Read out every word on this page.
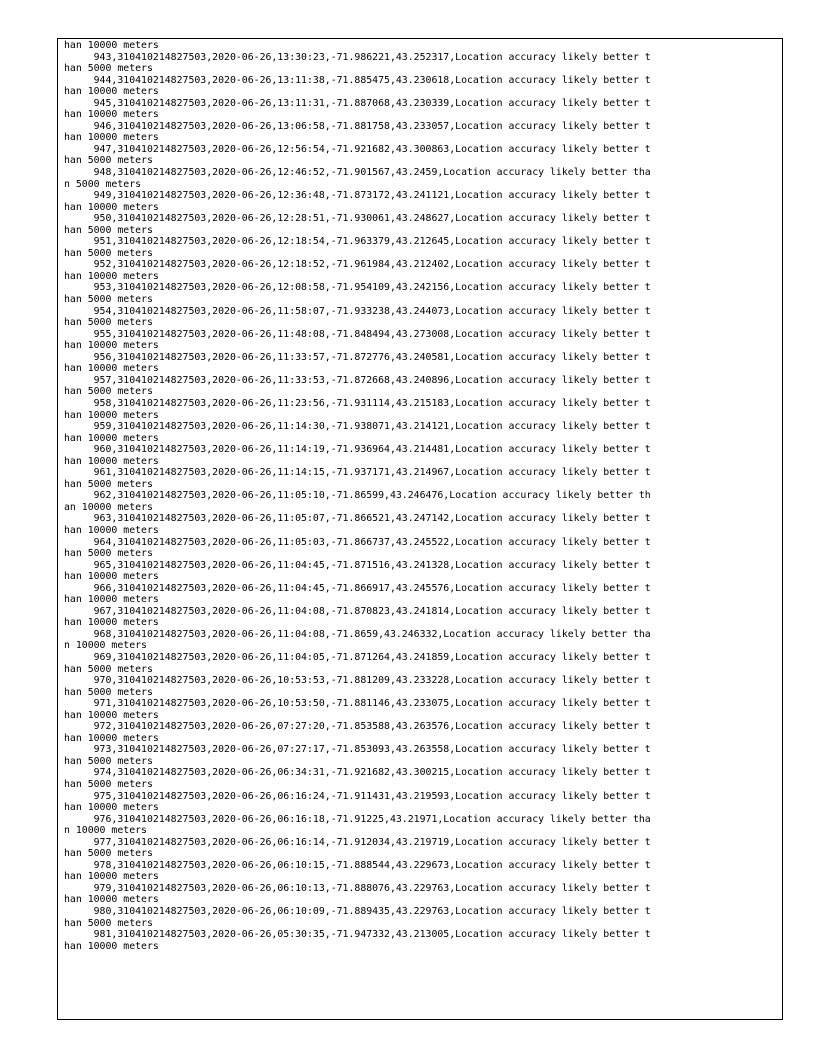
han 10000 meters
943,310410214827503,2020-06-26,13:30:23,-71.986221,43.252317,Location accuracy likely better t
han 5000 meters
944,310410214827503,2020-06-26,13:11:38,-71.885475,43.230618,Location accuracy likely better t
han 10000 meters
945,310410214827503,2020-06-26,13:11:31,-71.887068,43.230339,Location accuracy likely better t
han 10000 meters
946,310410214827503,2020-06-26,13:06:58,-71.881758,43.233057,Location accuracy likely better t
han 10000 meters
947,310410214827503,2020-06-26,12:56:54,-71.921682,43.300863,Location accuracy likely better t
han 5000 meters
948,310410214827503,2020-06-26,12:46:52,-71.901567,43.2459,Location accuracy likely better tha
n 5000 meters
949,310410214827503,2020-06-26,12:36:48,-71.873172,43.241121,Location accuracy likely better t
han 10000 meters
950,310410214827503,2020-06-26,12:28:51,-71.930061,43.248627,Location accuracy likely better t
han 5000 meters
951,310410214827503,2020-06-26,12:18:54,-71.963379,43.212645,Location accuracy likely better t
han 5000 meters
952,310410214827503,2020-06-26,12:18:52,-71.961984,43.212402,Location accuracy likely better t
han 10000 meters
953,310410214827503,2020-06-26,12:08:58,-71.954109,43.242156,Location accuracy likely better t
han 5000 meters
954,310410214827503,2020-06-26,11:58:07,-71.933238,43.244073,Location accuracy likely better t
han 5000 meters
955,310410214827503,2020-06-26,11:48:08,-71.848494,43.273008,Location accuracy likely better t
han 10000 meters
956,310410214827503,2020-06-26,11:33:57,-71.872776,43.240581,Location accuracy likely better t
han 10000 meters
957,310410214827503,2020-06-26,11:33:53,-71.872668,43.240896,Location accuracy likely better t
han 5000 meters
958,310410214827503,2020-06-26,11:23:56,-71.931114,43.215183,Location accuracy likely better t
han 10000 meters
959,310410214827503,2020-06-26,11:14:30,-71.938071,43.214121,Location accuracy likely better t
han 10000 meters
960,310410214827503,2020-06-26,11:14:19,-71.936964,43.214481,Location accuracy likely better t
han 10000 meters
961,310410214827503,2020-06-26,11:14:15,-71.937171,43.214967,Location accuracy likely better t
han 5000 meters
962,310410214827503,2020-06-26,11:05:10,-71.86599,43.246476,Location accuracy likely better th
an 10000 meters
963,310410214827503,2020-06-26,11:05:07,-71.866521,43.247142,Location accuracy likely better t
han 10000 meters
964,310410214827503,2020-06-26,11:05:03,-71.866737,43.245522,Location accuracy likely better t
han 5000 meters
965,310410214827503,2020-06-26,11:04:45,-71.871516,43.241328,Location accuracy likely better t
han 10000 meters
966,310410214827503,2020-06-26,11:04:45,-71.866917,43.245576,Location accuracy likely better t
han 10000 meters
967,310410214827503,2020-06-26,11:04:08,-71.870823,43.241814,Location accuracy likely better t
han 10000 meters
968,310410214827503,2020-06-26,11:04:08,-71.8659,43.246332,Location accuracy likely better tha
n 10000 meters
969,310410214827503,2020-06-26,11:04:05,-71.871264,43.241859,Location accuracy likely better t
han 5000 meters
970,310410214827503,2020-06-26,10:53:53,-71.881209,43.233228,Location accuracy likely better t
han 5000 meters
971,310410214827503,2020-06-26,10:53:50,-71.881146,43.233075,Location accuracy likely better t
han 10000 meters
972,310410214827503,2020-06-26,07:27:20,-71.853588,43.263576,Location accuracy likely better t
han 10000 meters
973,310410214827503,2020-06-26,07:27:17,-71.853093,43.263558,Location accuracy likely better t
han 5000 meters
974,310410214827503,2020-06-26,06:34:31,-71.921682,43.300215,Location accuracy likely better t
han 5000 meters
975,310410214827503,2020-06-26,06:16:24,-71.911431,43.219593,Location accuracy likely better t
han 10000 meters
976,310410214827503,2020-06-26,06:16:18,-71.91225,43.21971,Location accuracy likely better tha
n 10000 meters
977,310410214827503,2020-06-26,06:16:14,-71.912034,43.219719,Location accuracy likely better t
han 5000 meters
978,310410214827503,2020-06-26,06:10:15,-71.888544,43.229673,Location accuracy likely better t
han 10000 meters
979,310410214827503,2020-06-26,06:10:13,-71.888076,43.229763,Location accuracy likely better t
han 10000 meters
980,310410214827503,2020-06-26,06:10:09,-71.889435,43.229763,Location accuracy likely better t
han 5000 meters
981,310410214827503,2020-06-26,05:30:35,-71.947332,43.213005,Location accuracy likely better t
han 10000 meters
